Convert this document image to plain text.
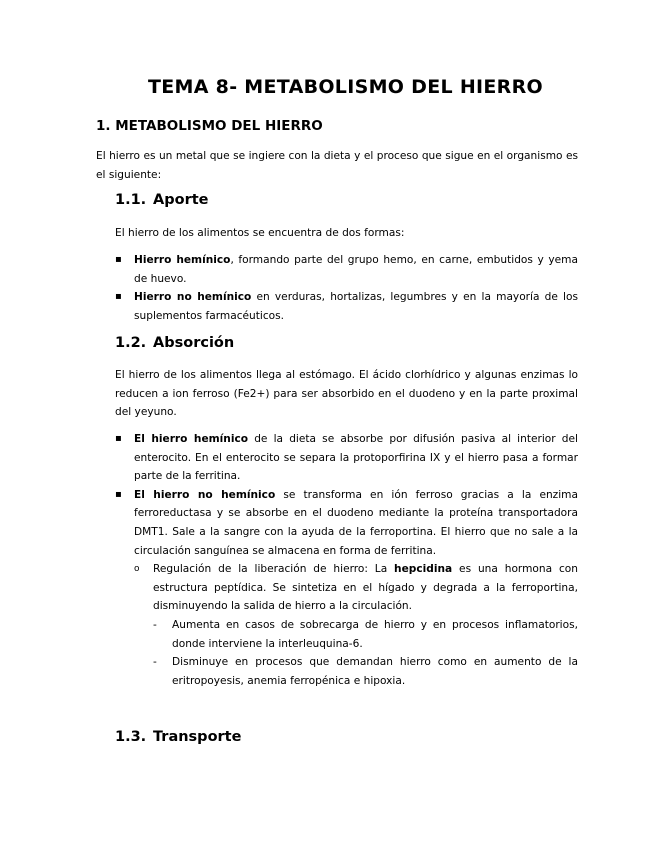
TEMA 8- METABOLISMO DEL HIERRO
1. METABOLISMO DEL HIERRO
El hierro es un metal que se ingiere con la dieta y el proceso que sigue en el organismo es el siguiente:
1.1. Aporte
El hierro de los alimentos se encuentra de dos formas:
▪ Hierro hemínico, formando parte del grupo hemo, en carne, embutidos y yema de huevo.
▪ Hierro no hemínico en verduras, hortalizas, legumbres y en la mayoría de los suplementos farmacéuticos.
1.2. Absorción
El hierro de los alimentos llega al estómago. El ácido clorhídrico y algunas enzimas lo reducen a ion ferroso (Fe2+) para ser absorbido en el duodeno y en la parte proximal del yeyuno.
▪ El hierro hemínico de la dieta se absorbe por difusión pasiva al interior del enterocito. En el enterocito se separa la protoporfirina IX y el hierro pasa a formar parte de la ferritina.
▪ El hierro no hemínico se transforma en ión ferroso gracias a la enzima ferroreductasa y se absorbe en el duodeno mediante la proteína transportadora DMT1. Sale a la sangre con la ayuda de la ferroportina. El hierro que no sale a la circulación sanguínea se almacena en forma de ferritina.
o Regulación de la liberación de hierro: La hepcidina es una hormona con estructura peptídica. Se sintetiza en el hígado y degrada a la ferroportina, disminuyendo la salida de hierro a la circulación.
- Aumenta en casos de sobrecarga de hierro y en procesos inflamatorios, donde interviene la interleuquina-6.
- Disminuye en procesos que demandan hierro como en aumento de la eritropoyesis, anemia ferropénica e hipoxia.
1.3. Transporte
